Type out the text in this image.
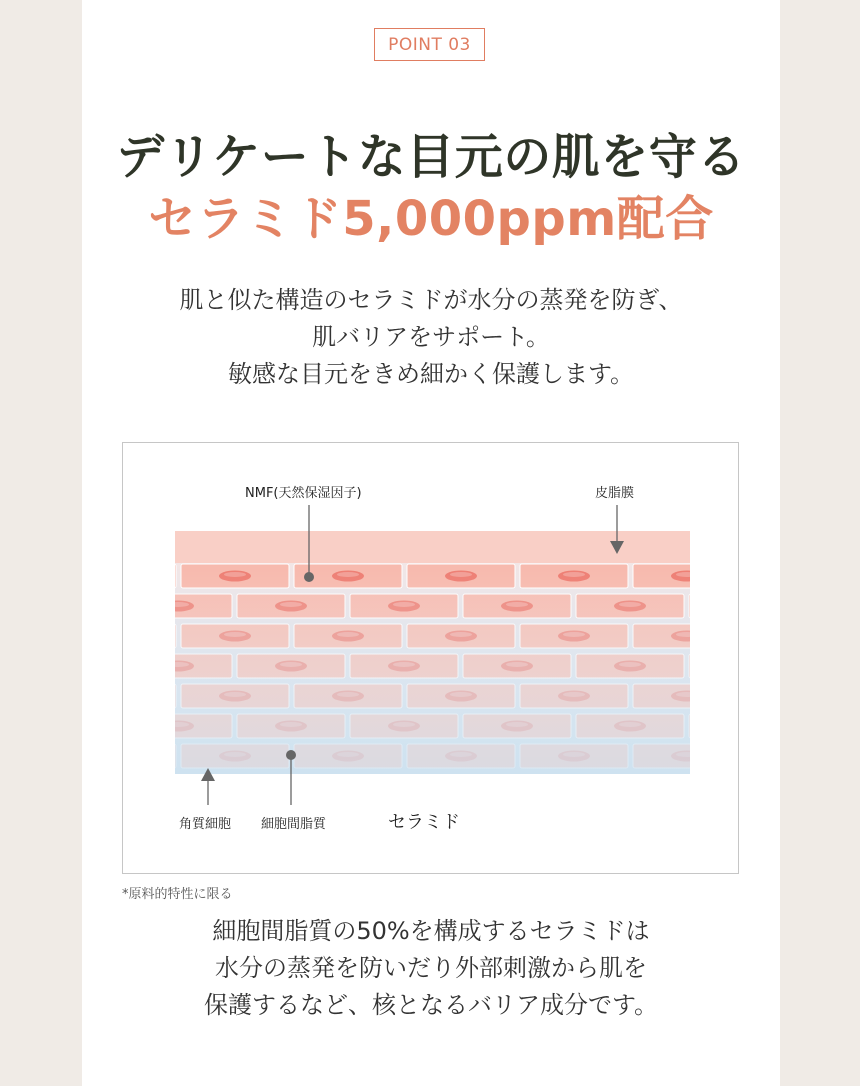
POINT 03
デリケートな目元の肌を守る
セラミド5,000ppm配合
肌と似た構造のセラミドが水分の蒸発を防ぎ、
肌バリアをサポート。
敏感な目元をきめ細かく保護します。
NMF(天然保湿因子)	皮脂膜
角質細胞 細胞間脂質	セラミド
*原料的特性に限る
細胞間脂質の50%を構成するセラミドは
水分の蒸発を防いだり外部刺激から肌を
保護するなど、核となるバリア成分です。
